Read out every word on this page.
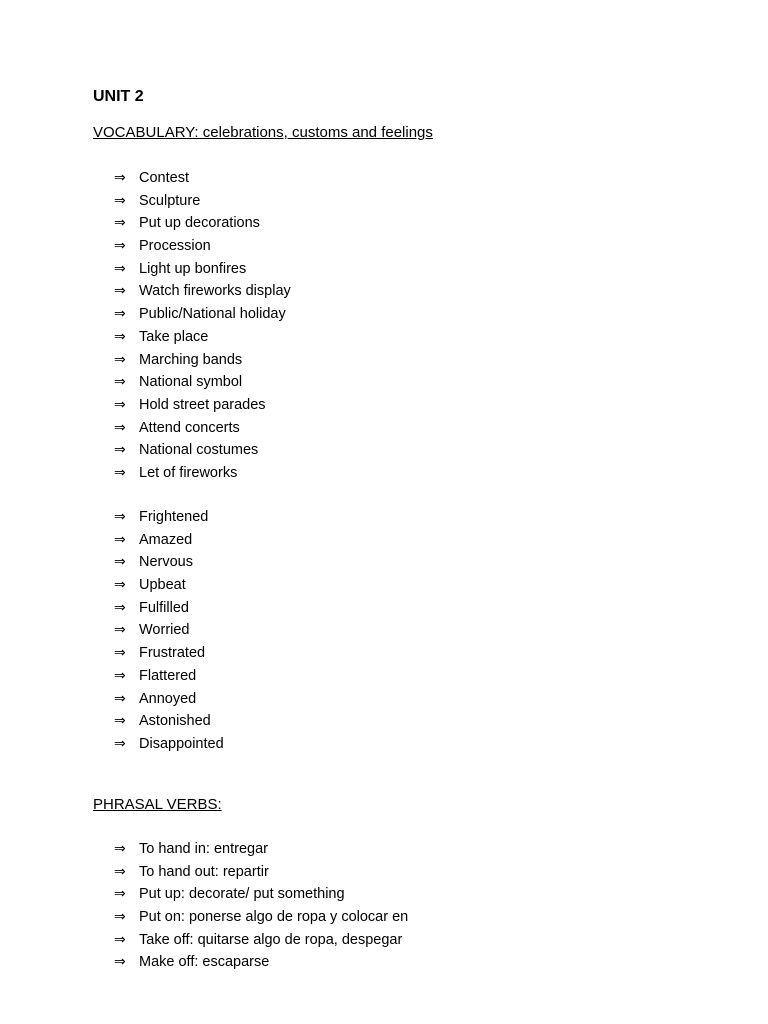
UNIT 2
VOCABULARY: celebrations, customs and feelings
⇒ Contest
⇒ Sculpture
⇒ Put up decorations
⇒ Procession
⇒ Light up bonfires
⇒ Watch fireworks display
⇒ Public/National holiday
⇒ Take place
⇒ Marching bands
⇒ National symbol
⇒ Hold street parades
⇒ Attend concerts
⇒ National costumes
⇒ Let of fireworks
⇒ Frightened
⇒ Amazed
⇒ Nervous
⇒ Upbeat
⇒ Fulfilled
⇒ Worried
⇒ Frustrated
⇒ Flattered
⇒ Annoyed
⇒ Astonished
⇒ Disappointed
PHRASAL VERBS:
⇒ To hand in: entregar
⇒ To hand out: repartir
⇒ Put up: decorate/ put something
⇒ Put on: ponerse algo de ropa y colocar en
⇒ Take off: quitarse algo de ropa, despegar
⇒ Make off: escaparse
